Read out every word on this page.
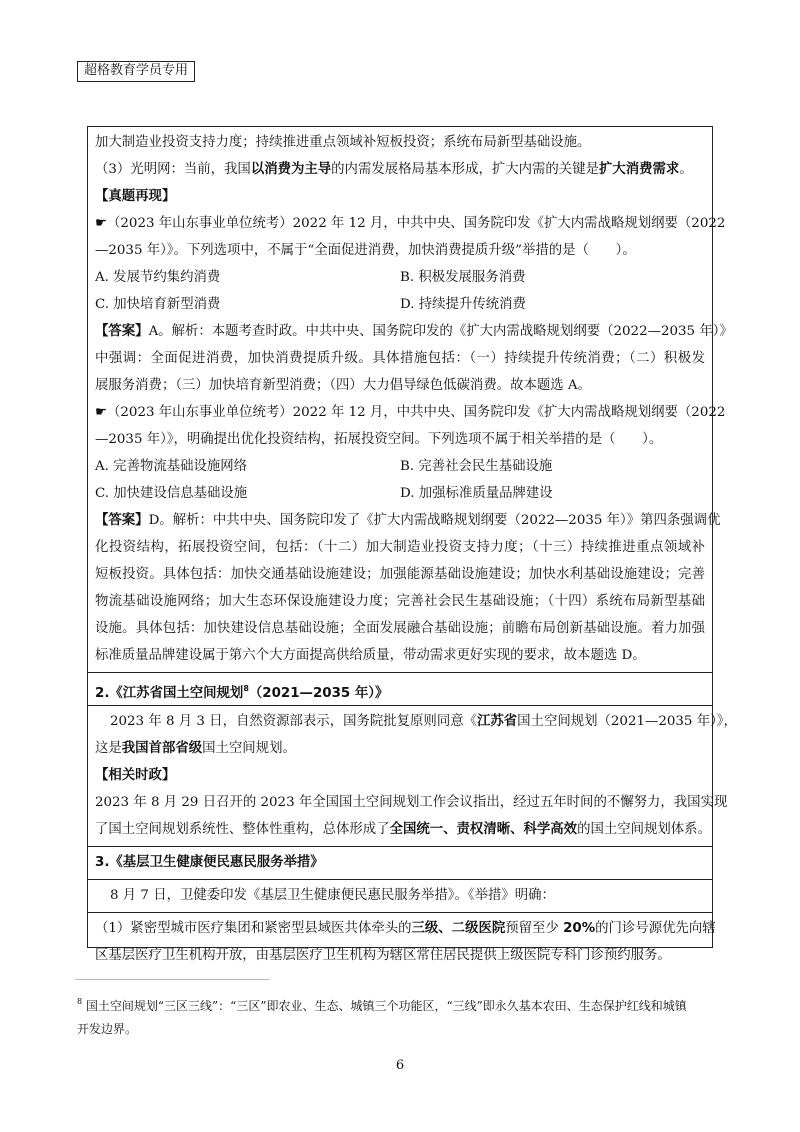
超格教育学员专用
加大制造业投资支持力度；持续推进重点领域补短板投资；系统布局新型基础设施。
（3）光明网：当前，我国以消费为主导的内需发展格局基本形成，扩大内需的关键是扩大消费需求。
【真题再现】
☛（2023 年山东事业单位统考）2022 年 12 月，中共中央、国务院印发《扩大内需战略规划纲要（2022
—2035 年）》。下列选项中，不属于“全面促进消费，加快消费提质升级”举措的是（　　）。
A. 发展节约集约消费	B. 积极发展服务消费
C. 加快培育新型消费	D. 持续提升传统消费
【答案】A。解析：本题考查时政。中共中央、国务院印发的《扩大内需战略规划纲要（2022—2035 年）》
中强调：全面促进消费，加快消费提质升级。具体措施包括：（一）持续提升传统消费；（二）积极发
展服务消费；（三）加快培育新型消费；（四）大力倡导绿色低碳消费。故本题选 A。
☛（2023 年山东事业单位统考）2022 年 12 月，中共中央、国务院印发《扩大内需战略规划纲要（2022
—2035 年）》，明确提出优化投资结构，拓展投资空间。下列选项不属于相关举措的是（　　）。
A. 完善物流基础设施网络	B. 完善社会民生基础设施
C. 加快建设信息基础设施	D. 加强标准质量品牌建设
【答案】D。解析：中共中央、国务院印发了《扩大内需战略规划纲要（2022—2035 年）》第四条强调优
化投资结构，拓展投资空间，包括：（十二）加大制造业投资支持力度；（十三）持续推进重点领域补
短板投资。具体包括：加快交通基础设施建设；加强能源基础设施建设；加快水利基础设施建设；完善
物流基础设施网络；加大生态环保设施建设力度；完善社会民生基础设施；（十四）系统布局新型基础
设施。具体包括：加快建设信息基础设施；全面发展融合基础设施；前瞻布局创新基础设施。着力加强
标准质量品牌建设属于第六个大方面提高供给质量，带动需求更好实现的要求，故本题选 D。
2.《江苏省国土空间规划$^8$（2021—2035 年）》
2023 年 8 月 3 日，自然资源部表示，国务院批复原则同意《江苏省国土空间规划（2021—2035 年）》，
这是我国首部省级国土空间规划。
【相关时政】
2023 年 8 月 29 日召开的 2023 年全国国土空间规划工作会议指出，经过五年时间的不懈努力，我国实现
了国土空间规划系统性、整体性重构，总体形成了全国统一、责权清晰、科学高效的国土空间规划体系。
3.《基层卫生健康便民惠民服务举措》
8 月 7 日，卫健委印发《基层卫生健康便民惠民服务举措》。《举措》明确：
（1）紧密型城市医疗集团和紧密型县域医共体牵头的三级、二级医院预留至少 20%的门诊号源优先向辖
区基层医疗卫生机构开放，由基层医疗卫生机构为辖区常住居民提供上级医院专科门诊预约服务。
$^8$ 国土空间规划“三区三线”：“三区”即农业、生态、城镇三个功能区，“三线”即永久基本农田、生态保护红线和城镇
开发边界。
6
